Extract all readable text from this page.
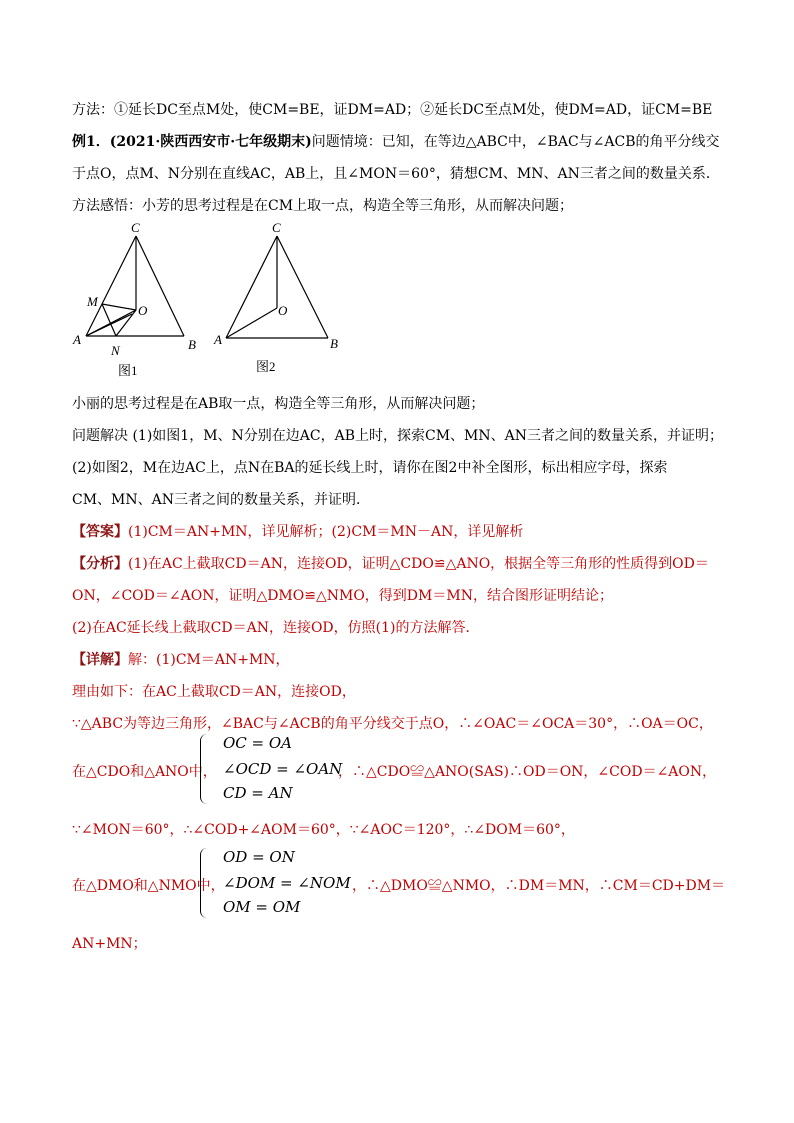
方法：①延长DC至点M处，使CM=BE，证DM=AD；②延长DC至点M处，使DM=AD，证CM=BE
例1．(2021·陕西西安市·七年级期末)问题情境：已知，在等边△ABC中，∠BAC与∠ACB的角平分线交
于点O，点M、N分别在直线AC，AB上，且∠MON＝60°，猜想CM、MN、AN三者之间的数量关系．
方法感悟：小芳的思考过程是在CM上取一点，构造全等三角形，从而解决问题；
C
M
O
A
N	B
图1
C
O
A	B
图2
小丽的思考过程是在AB取一点，构造全等三角形，从而解决问题；
问题解决 (1)如图1，M、N分别在边AC，AB上时，探索CM、MN、AN三者之间的数量关系，并证明；
(2)如图2，M在边AC上，点N在BA的延长线上时，请你在图2中补全图形，标出相应字母，探索
CM、MN、AN三者之间的数量关系，并证明．
【答案】(1)CM＝AN+MN，详见解析；(2)CM＝MN－AN，详见解析
【分析】(1)在AC上截取CD＝AN，连接OD，证明△CDO≌△ANO，根据全等三角形的性质得到OD＝
ON，∠COD＝∠AON，证明△DMO≌△NMO，得到DM＝MN，结合图形证明结论；
(2)在AC延长线上截取CD＝AN，连接OD，仿照(1)的方法解答．
【详解】解：(1)CM＝AN+MN，
理由如下：在AC上截取CD＝AN，连接OD，
∵△ABC为等边三角形，∠BAC与∠ACB的角平分线交于点O，∴∠OAC＝∠OCA＝30°，∴OA＝OC，
在△CDO和△ANO中，
OC = OA
∠OCD = ∠OAN
CD = AN
，∴△CDO≌△ANO(SAS)∴OD＝ON，∠COD＝∠AON，
∵∠MON＝60°，∴∠COD+∠AOM＝60°，∵∠AOC＝120°，∴∠DOM＝60°，
在△DMO和△NMO中，
OD = ON
∠DOM = ∠NOM
OM = OM
，∴△DMO≌△NMO，∴DM＝MN，∴CM＝CD+DM＝
AN+MN；
